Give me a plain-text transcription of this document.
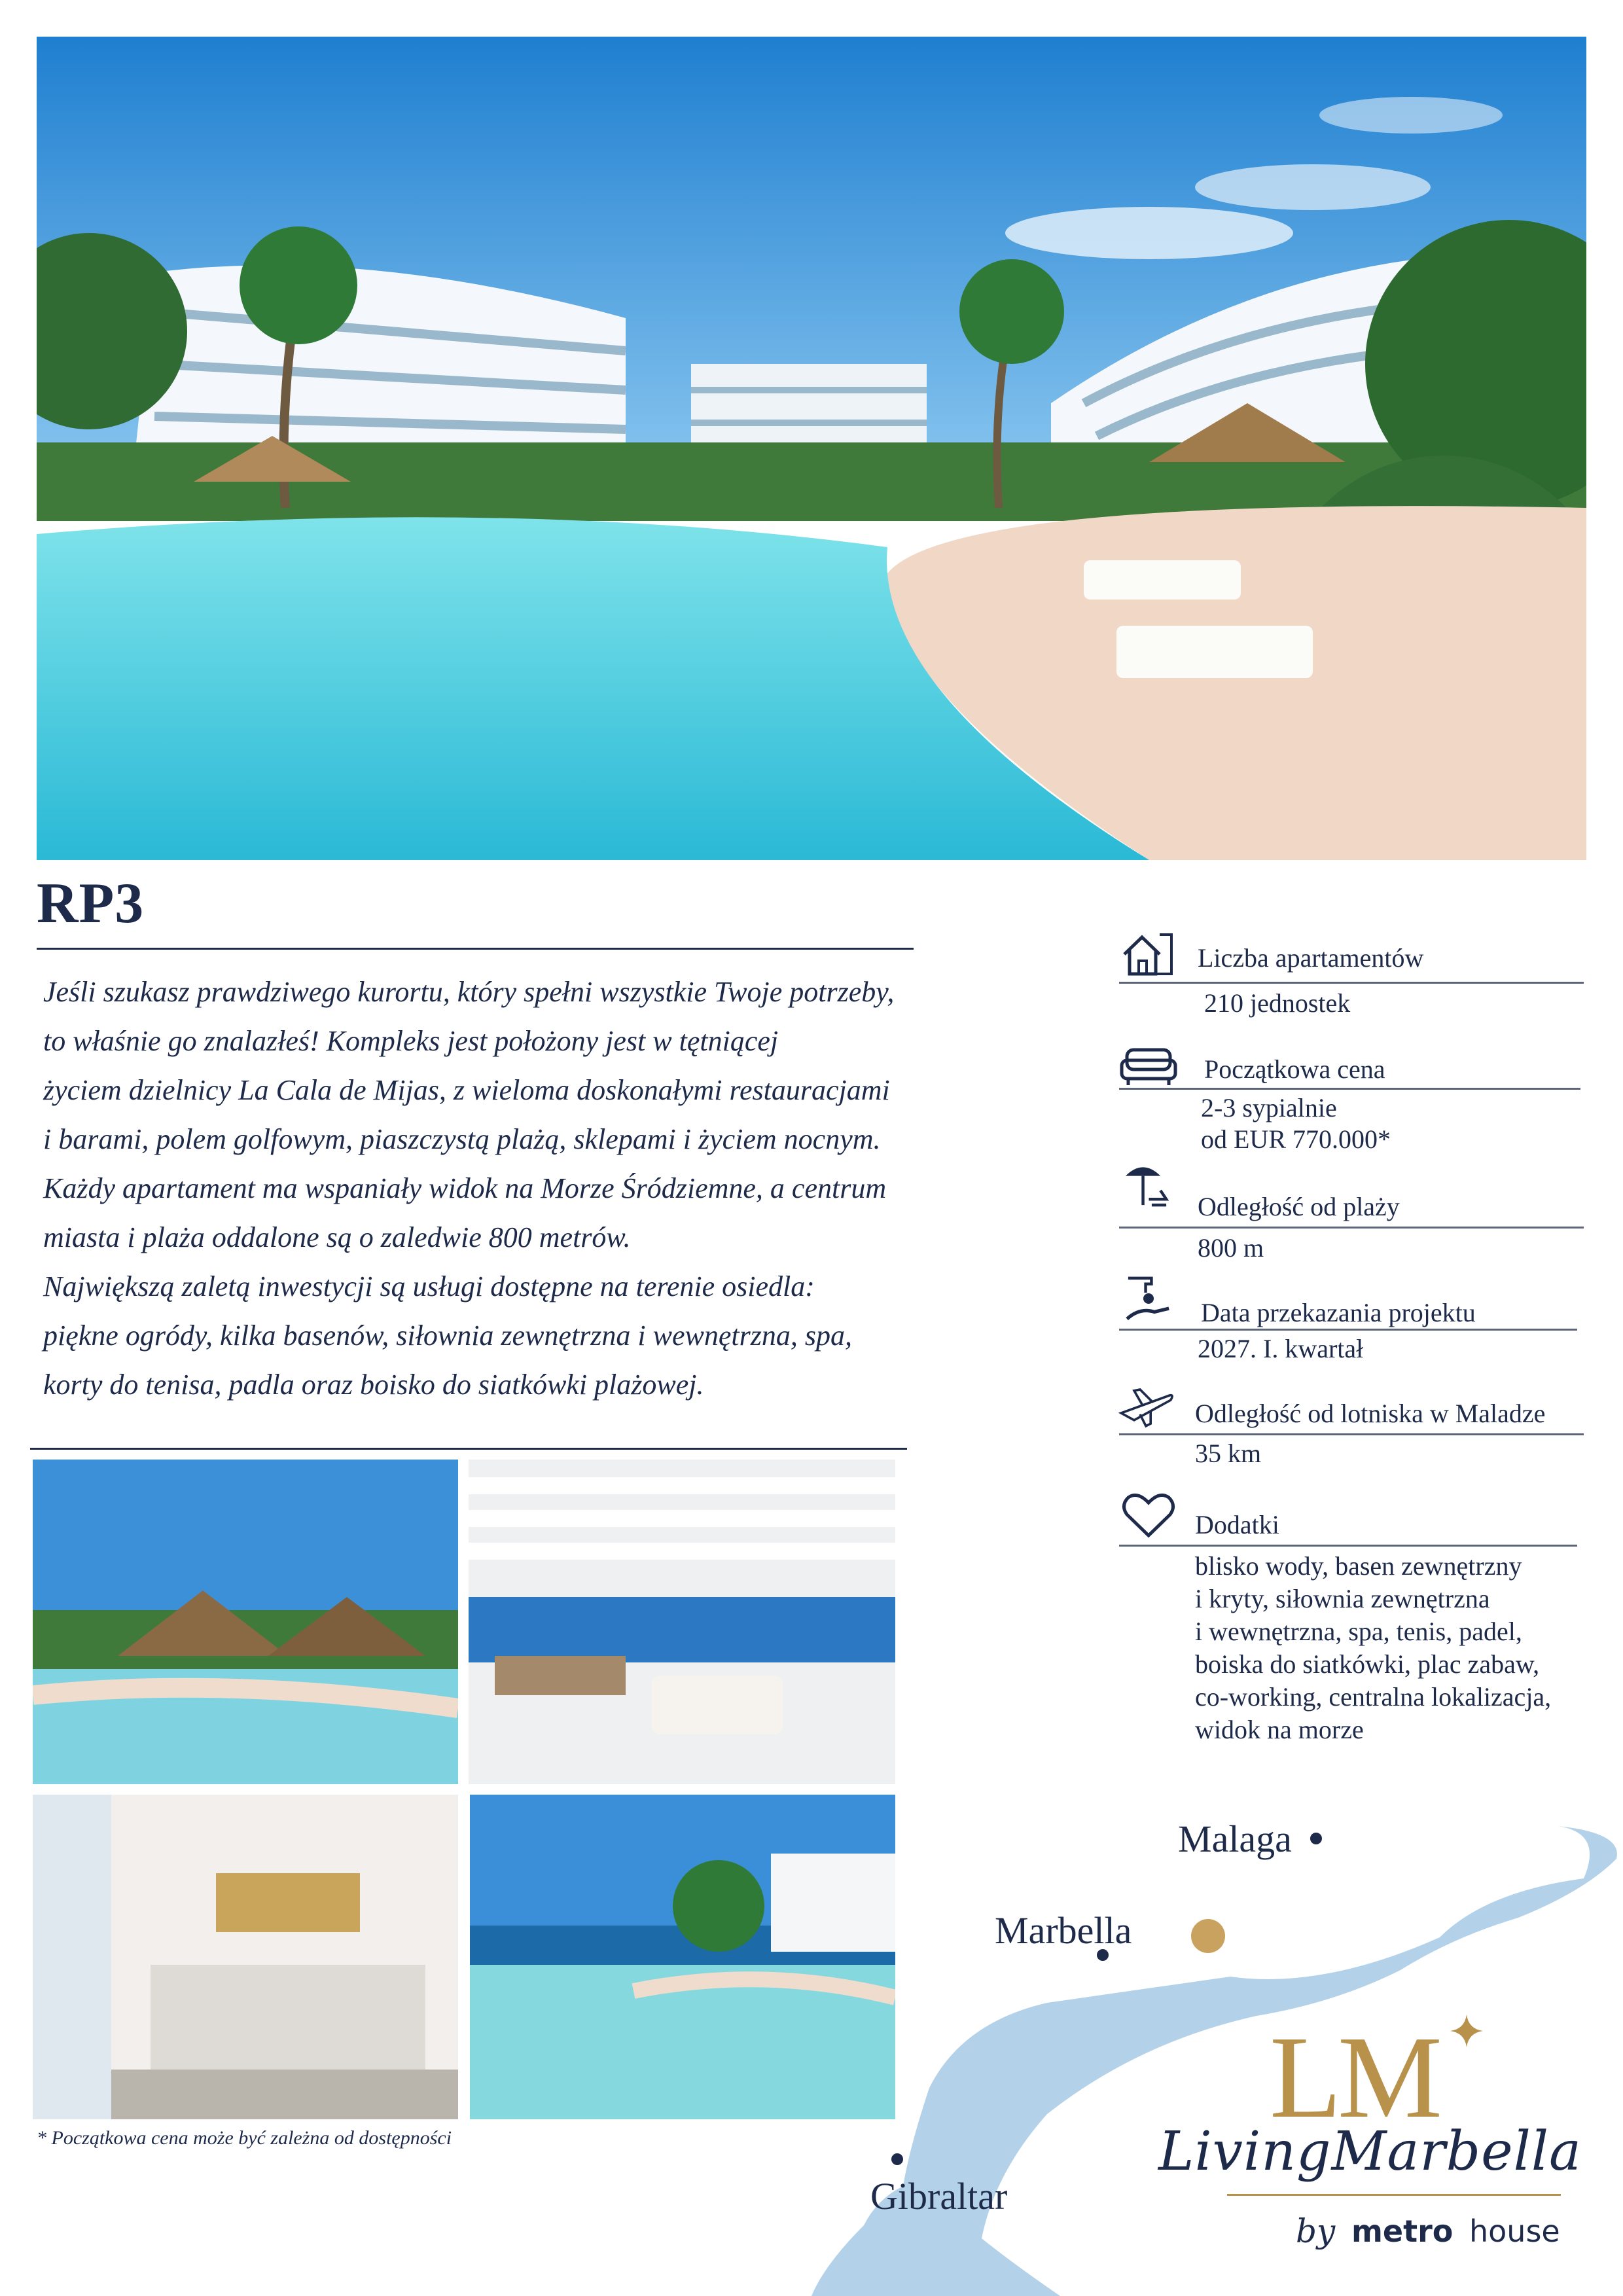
RP3

Jeśli szukasz prawdziwego kurortu, który spełni wszystkie Twoje potrzeby,

to właśnie go znalazłeś! Kompleks jest położony jest w tętniącej

życiem dzielnicy La Cala de Mijas, z wieloma doskonałymi restauracjami

i barami, polem golfowym, piaszczystą plażą, sklepami i życiem nocnym.

Każdy apartament ma wspaniały widok na Morze Śródziemne, a centrum

miasta i plaża oddalone są o zaledwie 800 metrów.

Największą zaletą inwestycji są usługi dostępne na terenie osiedla:

piękne ogródy, kilka basenów, siłownia zewnętrzna i wewnętrzna, spa,

korty do tenisa, padla oraz boisko do siatkówki plażowej.

* Początkowa cena może być zależna od dostępności
Liczba apartamentów
210 jednostek
Początkowa cena
2-3 sypialnie
od EUR 770.000*
Odległość od plaży
800 m
Data przekazania projektu
2027. I. kwartał
Odległość od lotniska w Maladze
35 km
Dodatki
blisko wody, basen zewnętrzny
i kryty, siłownia zewnętrzna
i wewnętrzna, spa, tenis, padel,
boiska do siatkówki, plac zabaw,
co-working, centralna lokalizacja,
widok na morze
Malaga
Marbella
Gibraltar
LM
LivingMarbella
by metro house
